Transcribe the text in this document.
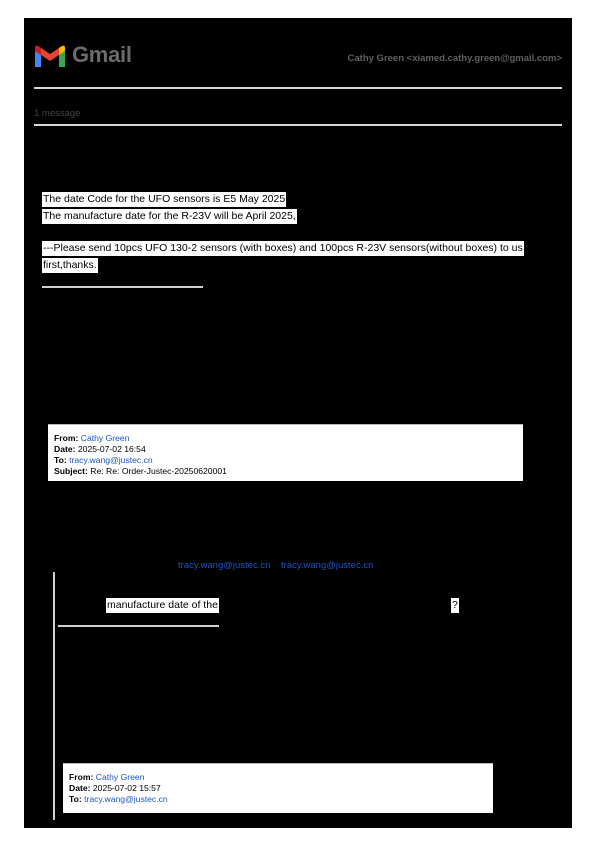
Gmail	Cathy Green <xiamed.cathy.green@gmail.com>
1 message
The date Code for the UFO sensors is E5 May 2025
The manufacture date for the R-23V will be April 2025,
---Please send 10pcs UFO 130-2 sensors (with boxes) and 100pcs R-23V sensors(without boxes) to us
first,thanks.
From: Cathy Green
Date: 2025-07-02 16:54
To: tracy.wang@justec.cn
Subject: Re: Re: Order-Justec-20250620001
tracy.wang@justec.cn tracy.wang@justec.cn
manufacture date of the	?
From: Cathy Green
Date: 2025-07-02 15:57
To: tracy.wang@justec.cn
